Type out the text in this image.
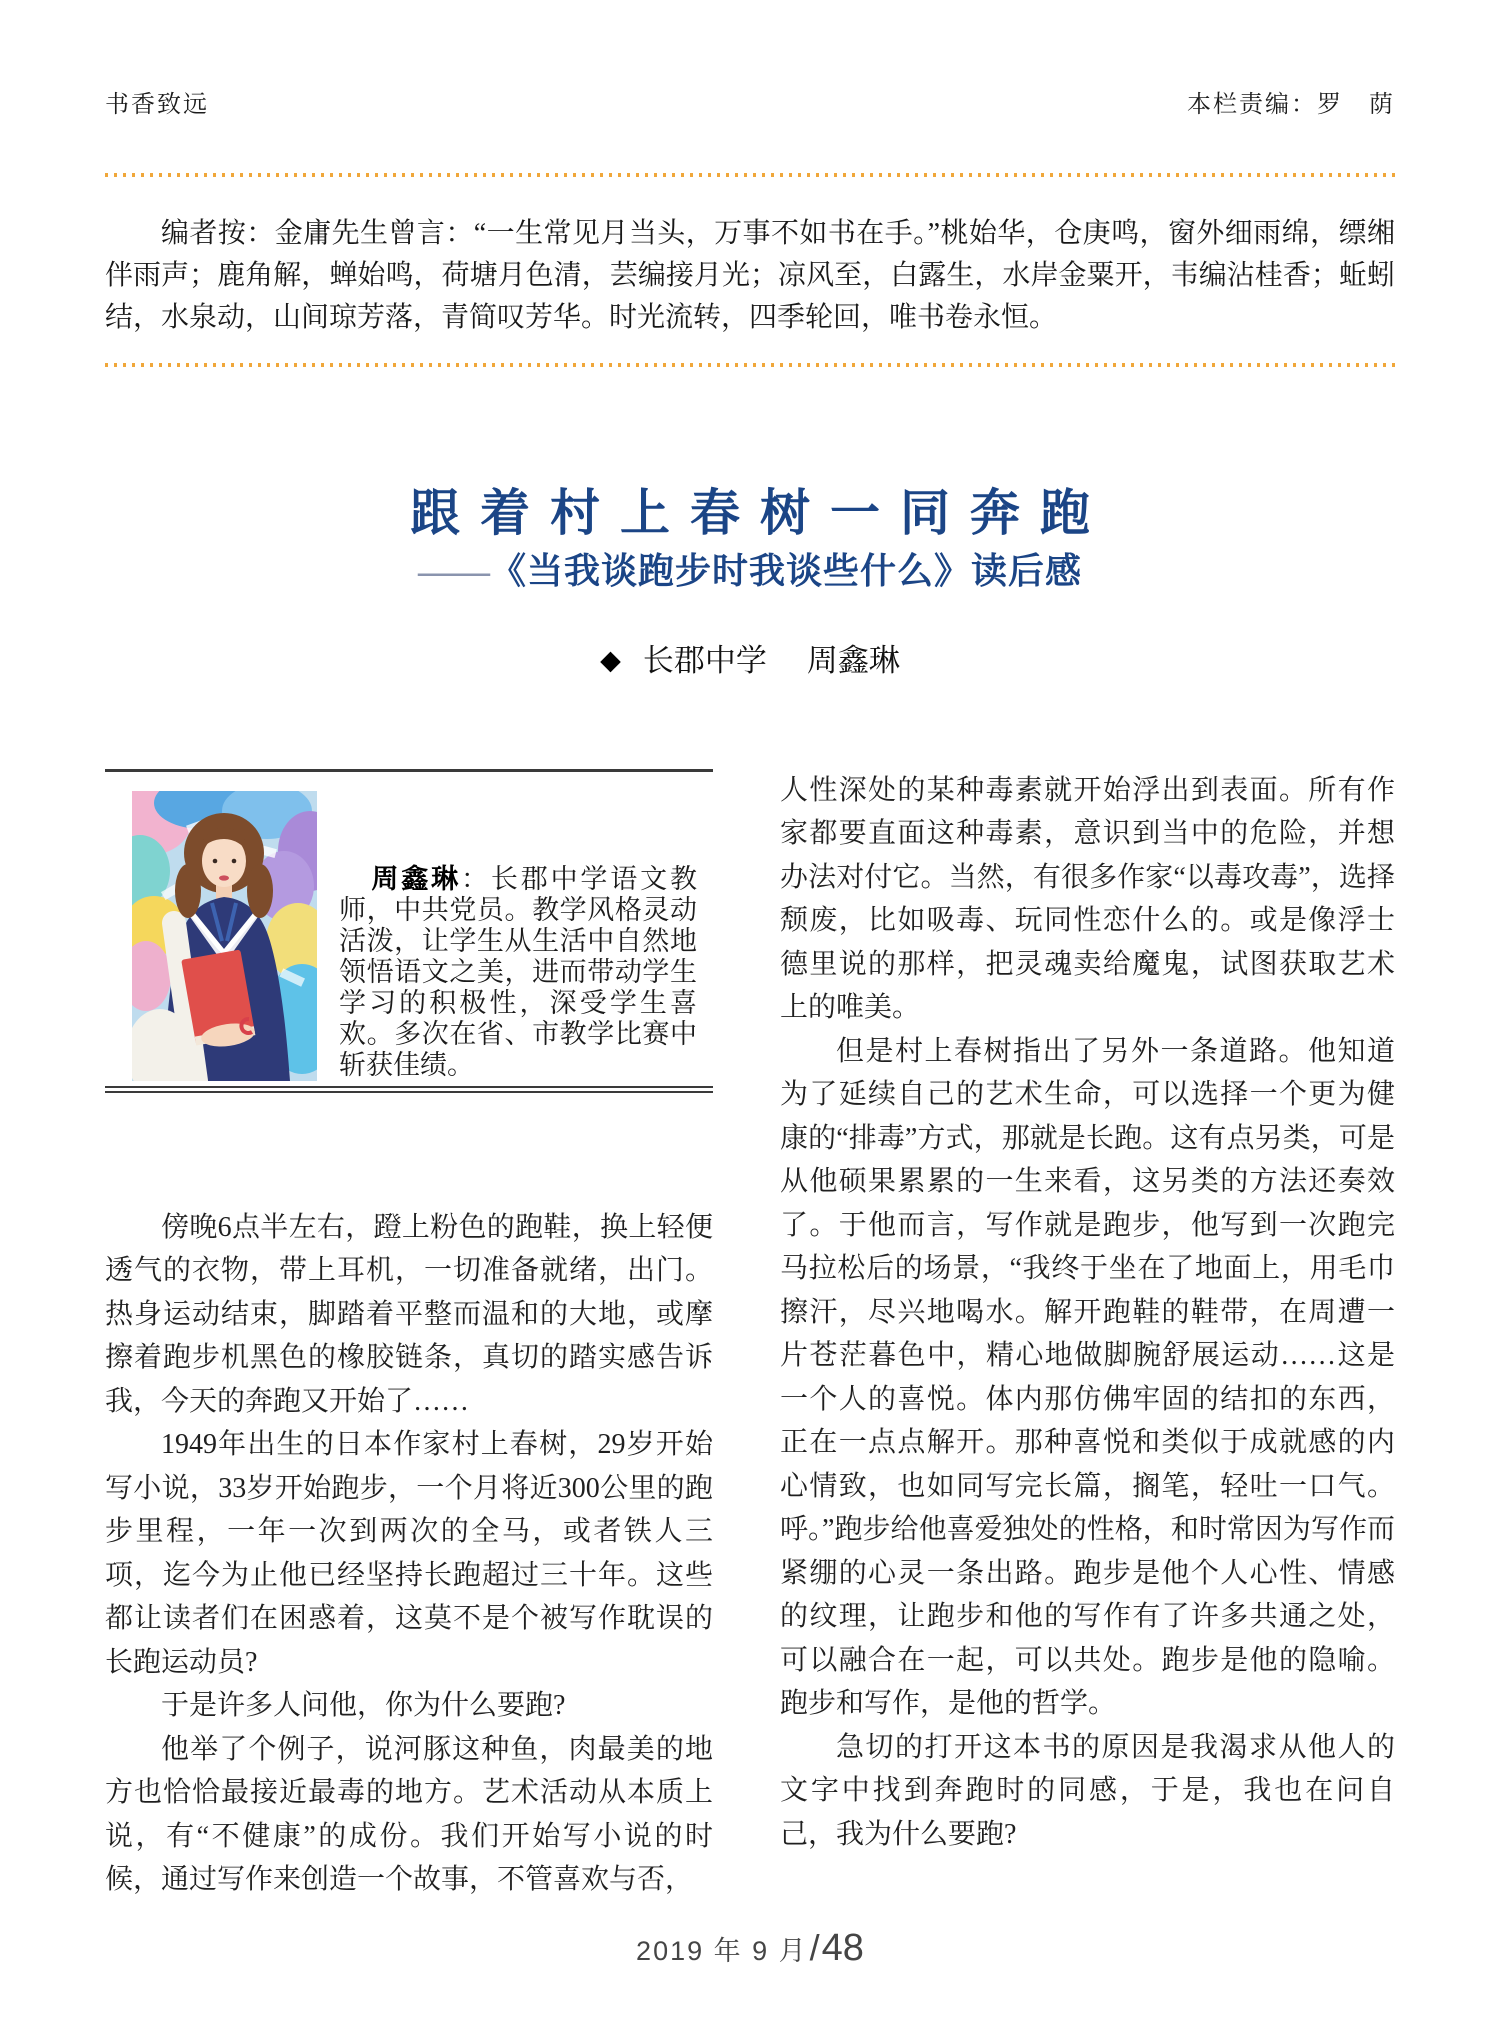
书香致远	本栏责编：罗　荫

编者按：金庸先生曾言：“一生常见月当头，万事不如书在手。”桃始华，仓庚鸣，窗外细雨绵，缥缃伴雨声；鹿角解，蝉始鸣，荷塘月色清，芸编接月光；凉风至，白露生，水岸金粟开，韦编沾桂香；蚯蚓结，水泉动，山间琼芳落，青简叹芳华。时光流转，四季轮回，唯书卷永恒。

跟着村上春树一同奔跑
——《当我谈跑步时我谈些什么》读后感
◆ 长郡中学 周鑫琳

周鑫琳：长郡中学语文教师，中共党员。教学风格灵动活泼，让学生从生活中自然地领悟语文之美，进而带动学生学习的积极性，深受学生喜欢。多次在省、市教学比赛中斩获佳绩。

傍晚6点半左右，蹬上粉色的跑鞋，换上轻便透气的衣物，带上耳机，一切准备就绪，出门。热身运动结束，脚踏着平整而温和的大地，或摩擦着跑步机黑色的橡胶链条，真切的踏实感告诉我，今天的奔跑又开始了……

1949年出生的日本作家村上春树，29岁开始写小说，33岁开始跑步，一个月将近300公里的跑步里程，一年一次到两次的全马，或者铁人三项，迄今为止他已经坚持长跑超过三十年。这些都让读者们在困惑着，这莫不是个被写作耽误的长跑运动员?

于是许多人问他，你为什么要跑?

他举了个例子，说河豚这种鱼，肉最美的地方也恰恰最接近最毒的地方。艺术活动从本质上说，有“不健康”的成份。我们开始写小说的时候，通过写作来创造一个故事，不管喜欢与否，

人性深处的某种毒素就开始浮出到表面。所有作家都要直面这种毒素，意识到当中的危险，并想办法对付它。当然，有很多作家“以毒攻毒”，选择颓废，比如吸毒、玩同性恋什么的。或是像浮士德里说的那样，把灵魂卖给魔鬼，试图获取艺术上的唯美。

但是村上春树指出了另外一条道路。他知道为了延续自己的艺术生命，可以选择一个更为健康的“排毒”方式，那就是长跑。这有点另类，可是从他硕果累累的一生来看，这另类的方法还奏效了。于他而言，写作就是跑步，他写到一次跑完马拉松后的场景，“我终于坐在了地面上，用毛巾擦汗，尽兴地喝水。解开跑鞋的鞋带，在周遭一片苍茫暮色中，精心地做脚腕舒展运动……这是一个人的喜悦。体内那仿佛牢固的结扣的东西，正在一点点解开。那种喜悦和类似于成就感的内心情致，也如同写完长篇，搁笔，轻吐一口气。呼。”跑步给他喜爱独处的性格，和时常因为写作而紧绷的心灵一条出路。跑步是他个人心性、情感的纹理，让跑步和他的写作有了许多共通之处，可以融合在一起，可以共处。跑步是他的隐喻。跑步和写作，是他的哲学。

急切的打开这本书的原因是我渴求从他人的文字中找到奔跑时的同感，于是，我也在问自己，我为什么要跑?

2019 年 9 月/48
